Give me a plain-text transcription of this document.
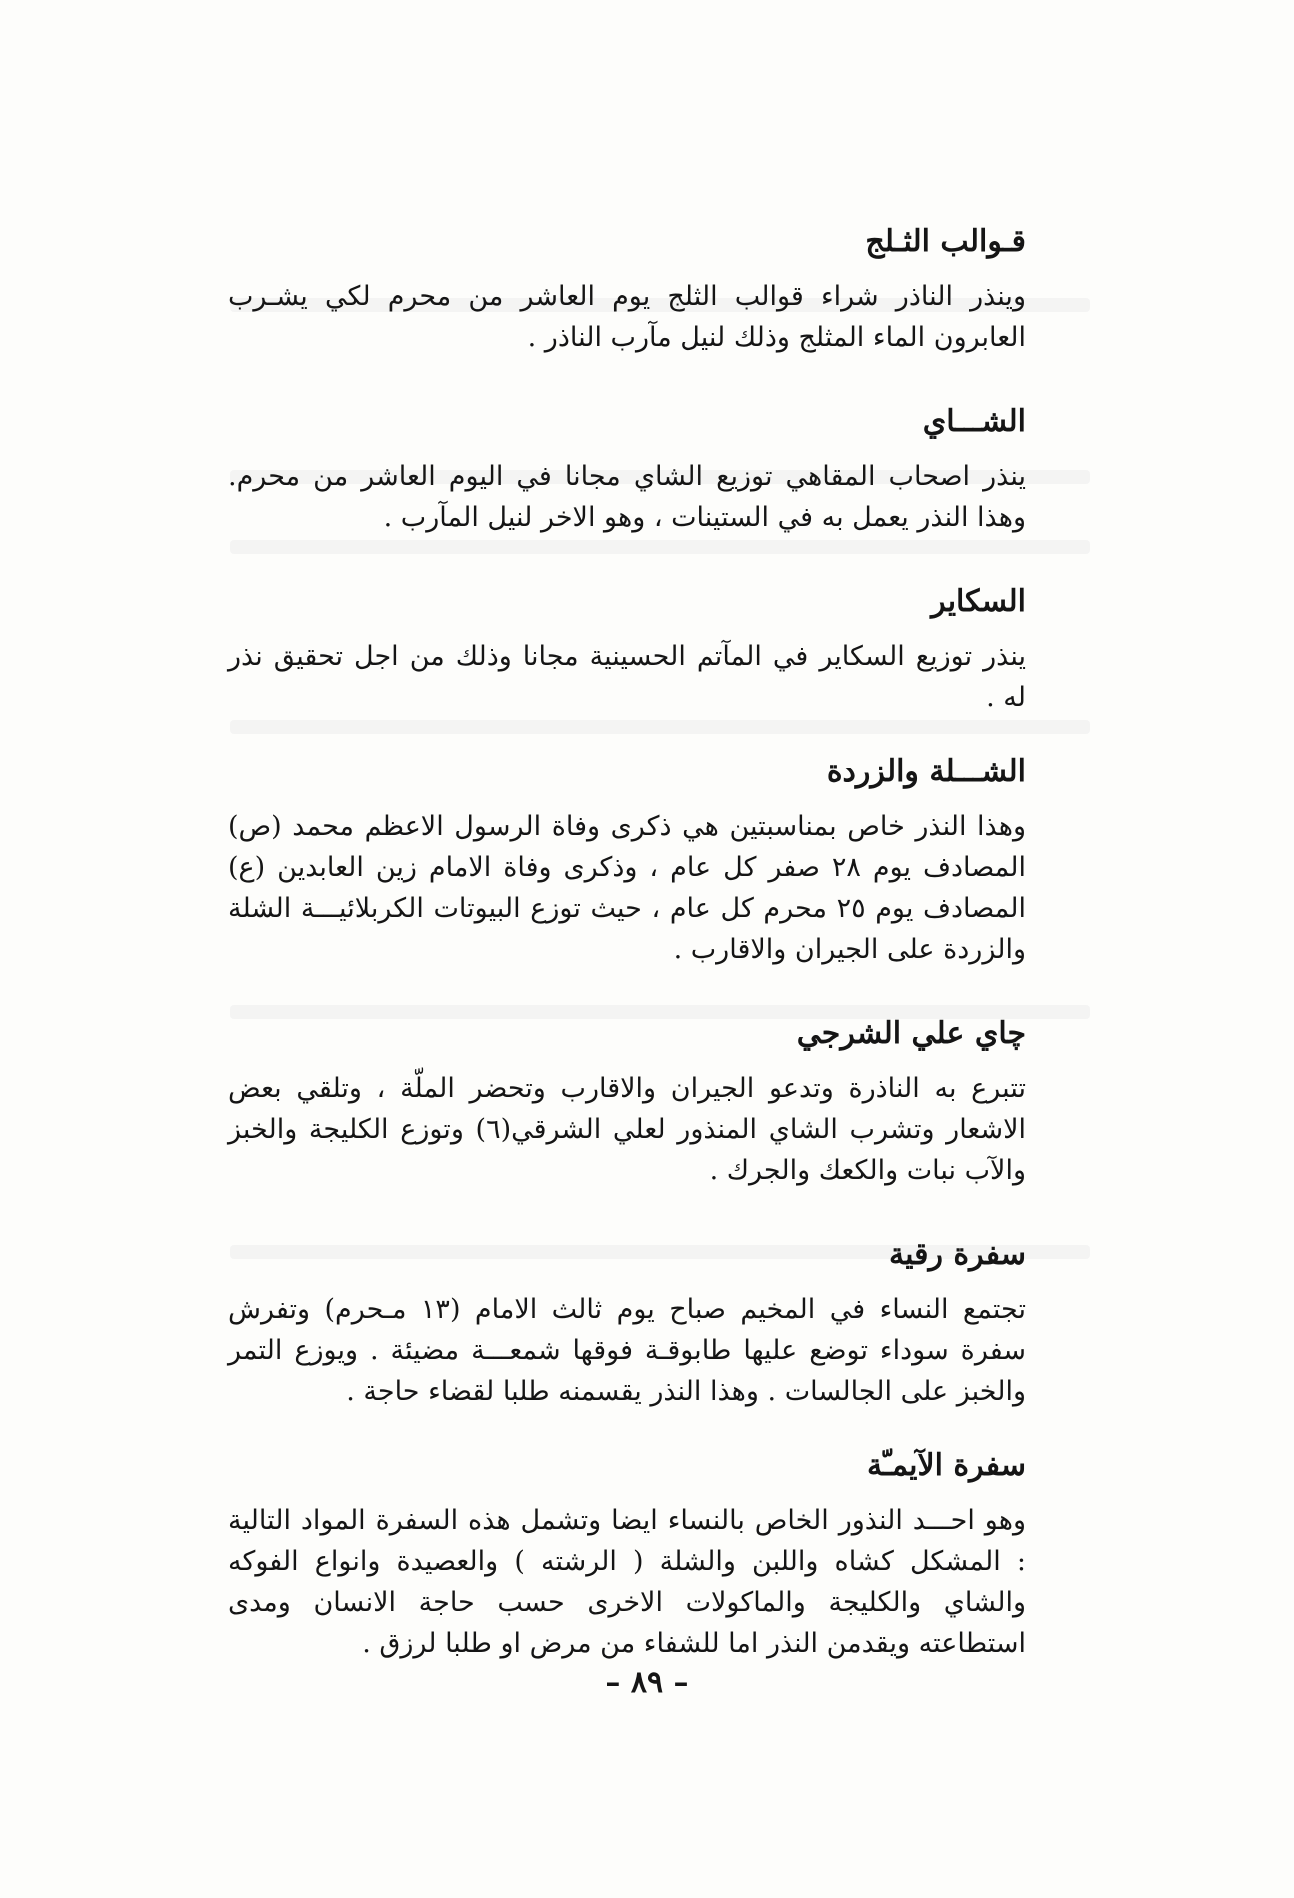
قـوالب الثـلج

وينذر الناذر شراء قوالب الثلج يوم العاشر من محرم لكي يشـرب العابرون الماء المثلج وذلك لنيل مآرب الناذر .

الشـــاي

ينذر اصحاب المقاهي توزيع الشاي مجانا في اليوم العاشر من محرم. وهذا النذر يعمل به في الستينات ، وهو الاخر لنيل المآرب .

السكاير

ينذر توزيع السكاير في المآتم الحسينية مجانا وذلك من اجل تحقيق نذر له .

الشـــلة والزردة

وهذا النذر خاص بمناسبتين هي ذكرى وفاة الرسول الاعظم محمد (ص) المصادف يوم ٢٨ صفر كل عام ، وذكرى وفاة الامام زين العابدين (ع) المصادف يوم ٢٥ محرم كل عام ، حيث توزع البيوتات الكربلائيـــة الشلة والزردة على الجيران والاقارب .

چاي علي الشرجي

تتبرع به الناذرة وتدعو الجيران والاقارب وتحضر الملّة ، وتلقي بعض الاشعار وتشرب الشاي المنذور لعلي الشرقي(٦) وتوزع الكليجة والخبز والآب نبات والكعك والجرك .

سفرة رقية

تجتمع النساء في المخيم صباح يوم ثالث الامام (١٣ مـحرم) وتفرش سفرة سوداء توضع عليها طابوقـة فوقها شمعـــة مضيئة . ويوزع التمر والخبز على الجالسات . وهذا النذر يقسمنه طلبا لقضاء حاجة .

سفرة الآيمـّة

وهو احـــد النذور الخاص بالنساء ايضا وتشمل هذه السفرة المواد التالية : المشكل كشاه واللبن والشلة ( الرشته ) والعصيدة وانواع الفوكه والشاي والكليجة والماكولات الاخرى حسب حاجة الانسان ومدى استطاعته ويقدمن النذر اما للشفاء من مرض او طلبا لرزق .

– ٨٩ –
